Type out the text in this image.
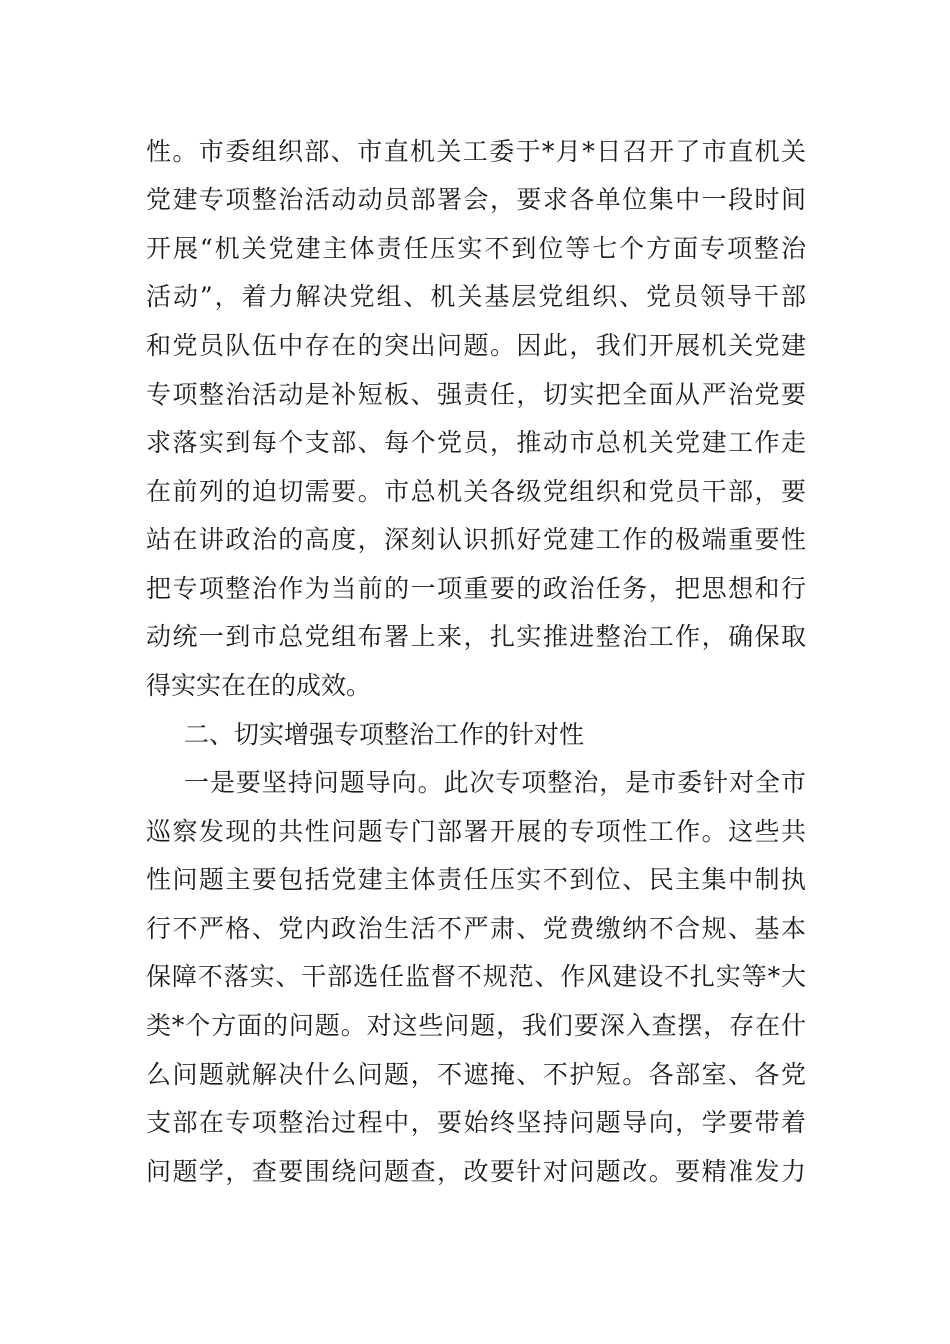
性。市委组织部、市直机关工委于*月*日召开了市直机关
党建专项整治活动动员部署会，要求各单位集中一段时间
开展“机关党建主体责任压实不到位等七个方面专项整治
活动”，着力解决党组、机关基层党组织、党员领导干部
和党员队伍中存在的突出问题。因此，我们开展机关党建
专项整治活动是补短板、强责任，切实把全面从严治党要
求落实到每个支部、每个党员，推动市总机关党建工作走
在前列的迫切需要。市总机关各级党组织和党员干部，要
站在讲政治的高度，深刻认识抓好党建工作的极端重要性
把专项整治作为当前的一项重要的政治任务，把思想和行
动统一到市总党组布署上来，扎实推进整治工作，确保取
得实实在在的成效。
二、切实增强专项整治工作的针对性
一是要坚持问题导向。此次专项整治，是市委针对全市
巡察发现的共性问题专门部署开展的专项性工作。这些共
性问题主要包括党建主体责任压实不到位、民主集中制执
行不严格、党内政治生活不严肃、党费缴纳不合规、基本
保障不落实、干部选任监督不规范、作风建设不扎实等*大
类*个方面的问题。对这些问题，我们要深入查摆，存在什
么问题就解决什么问题，不遮掩、不护短。各部室、各党
支部在专项整治过程中，要始终坚持问题导向，学要带着
问题学，查要围绕问题查，改要针对问题改。要精准发力
